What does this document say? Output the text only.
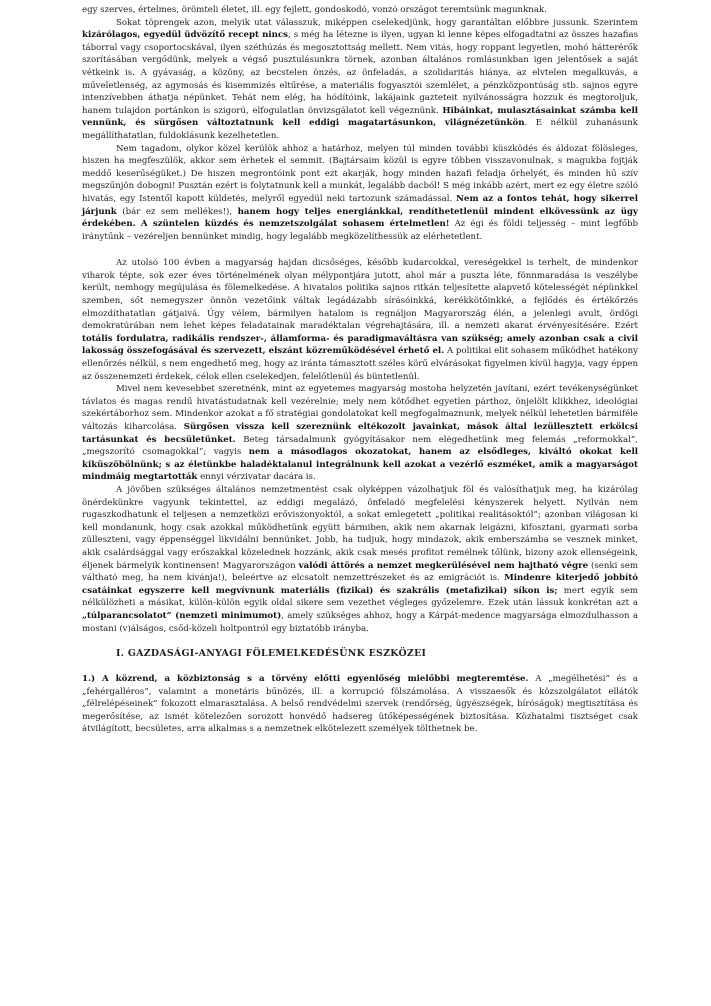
egy szerves, értelmes, örömteli életet, ill. egy fejlett, gondoskodó, vonzó országot teremtsünk magunknak.

Sokat töprengek azon, melyik utat válasszuk, miképpen cselekedjünk, hogy garantáltan előbbre jussunk. Szerintem kizárólagos, egyedül üdvözítő recept nincs, s még ha létezne is ilyen, ugyan ki lenne képes elfogadtatni az összes hazafias táborral vagy csoportocskával, ilyen széthúzás és megosztottság mellett. Nem vitás, hogy roppant legyetlen, mohó hátterérők szorításában vergődünk, melyek a végső pusztulásunkra törnek, azonban általános romlásunkban igen jelentősek a saját vétkeink is. A gyávaság, a közöny, az becstelen önzés, az önfeladás, a szolidaritás hiánya, az elvtelen megalkuvás, a műveletlenség, az agymosás és kisemmizés eltűrése, a materiális fogyasztói szemlélet, a pénzközpontúság stb. sajnos egyre intenzívebben áthatja népünket. Tehát nem elég, ha hódítóink, lakájaink gazteteit nyilvánosságra hozzuk és megtoroljuk, hanem tulajdon portánkon is szigorú, elfogulatlan önvizsgálatot kell végeznünk. Hibáinkat, mulasztásainkat számba kell vennünk, és sürgősen változtatnunk kell eddigi magatartásunkon, világnézetünkön. E nélkül zuhanásunk megállíthatatlan, fuldoklásunk kezelhetetlen.

Nem tagadom, olykor közel kerülök ahhoz a határhoz, melyen túl minden további küszködés és áldozat fölösleges, hiszen ha megfeszülök, akkor sem érhetek el semmit. (Bajtársaim közül is egyre többen visszavonulnak, s magukba fojtják meddő keserűségüket.) De hiszen megrontóink pont ezt akarják, hogy minden hazafi feladja örhelyét, és minden hű szív megszűnjön dobogni! Pusztán ezért is folytatnunk kell a munkát, legalább dacból! S még inkább azért, mert ez egy életre szóló hivatás, egy Istentől kapott küldetés, melyről egyedül neki tartozunk számadással. Nem az a fontos tehát, hogy sikerrel járjunk (bár ez sem mellékes!), hanem hogy teljes energiánkkal, rendíthetetlenül mindent elkövessünk az ügy érdekében. A szüntelen küzdés és nemzetszolgálat sohasem értelmetlen! Az égi és földi teljesség – mint legfőbb iránytűnk – vezéreljen bennünket mindig, hogy legalább megközelíthessük az elérhetetlent.

Az utolsó 100 évben a magyarság hajdan dicsőséges, később kudarcokkal, vereségekkel is terhelt, de mindenkor viharok tépte, sok ezer éves történelmének olyan mélypontjára jutott, ahol már a puszta léte, fönnmaradása is veszélybe került, nemhogy megújulása és fölemelkedése. A hivatalos politika sajnos ritkán teljesítette alapvető kötelességét népünkkel szemben, sőt nemegyszer önnön vezetőink váltak legádázabb sírásóinkká, kerékkötőinkké, a fejlődés és értékőrzés elmozdíthatatlan gátjaivá. Úgy vélem, bármilyen hatalom is regnáljon Magyarország élén, a jelenlegi avult, ördögi demokratúrában nem lehet képes feladatainak maradéktalan végrehajtására, ill. a nemzeti akarat érvényesítésére. Ezért totális fordulatra, radikális rendszer-, államforma- és paradigmaváltásra van szükség; amely azonban csak a civil lakosság összefogásával és szervezett, elszánt közreműködésével érhető el. A politikai elit sohasem működhet hatékony ellenőrzés nélkül, s nem engedhető meg, hogy az iránta támasztott széles körű elvárásokat figyelmen kívül hagyja, vagy éppen az összenemzeti érdekek, célok ellen cselekedjen, felelőtlenül és büntetlenül.

Mivel nem kevesebbet szeretnénk, mint az egyetemes magyarság mostoha helyzetén javítani, ezért tevékenységünket távlatos és magas rendű hivatástudatnak kell vezérelnie; mely nem kötődhet egyetlen párthoz, önjelölt klikkhez, ideológiai szekértáborhoz sem. Mindenkor azokat a fő stratégiai gondolatokat kell megfogalmaznunk, melyek nélkül lehetetlen bármiféle változás kiharcolása. Sürgősen vissza kell szereznünk eltékozolt javainkat, mások által lezüllesztett erkölcsi tartásunkat és becsületünket. Beteg társadalmunk gyógyításakor nem elégedhetünk meg felemás „reformokkal”, „megszorító csomagokkal”; vagyis nem a másodlagos okozatokat, hanem az elsődleges, kiváltó okokat kell kiküszöbölnünk; s az életünkbe haladéktalanul integrálnunk kell azokat a vezérlő eszméket, amik a magyarságot mindmáig megtartották ennyi vérzivatar dacára is.

A jövőben szükséges általános nemzetmentést csak olyképpen vázolhatjuk föl és valósíthatjuk meg, ha kizárólag önérdekünkre vagyunk tekintettel, az eddigi megalázó, önfeladó megfelelési kényszerek helyett. Nyilván nem rugaszkodhatunk el teljesen a nemzetközi erőviszonyoktól, a sokat emlegetett „politikai realitásoktól”; azonban világosan ki kell mondanunk, hogy csak azokkal működhetünk együtt bármiben, akik nem akarnak leigázni, kifosztani, gyarmati sorba zülleszteni, vagy éppenséggel likvidálni bennünket. Jobb, ha tudjuk, hogy mindazok, akik emberszámba se vesznek minket, akik csalárdsággal vagy erőszakkal közelednek hozzánk, akik csak mesés profitot remélnek tőlünk, bizony azok ellenségeink, éljenek bármelyik kontinensen! Magyarországon valódi áttörés a nemzet megkerülésével nem hajtható végre (senki sem váltható meg, ha nem kívánja!), beleértve az elcsatolt nemzettrészeket és az emigrációt is. Mindenre kiterjedő jobbító csatáinkat egyszerre kell megvívnunk materiális (fizikai) és szakrális (metafizikai) síkon is; mert egyik sem nélkülözheti a másikat, külön-külön egyik oldal sikere sem vezethet végleges győzelemre. Ezek után lássuk konkrétan azt a „túlparancsolatot” (nemzeti minimumot), amely szükséges ahhoz, hogy a Kárpát-medence magyarsága elmozdulhasson a mostani (v)álságos, csőd-közeli holtpontról egy biztatóbb irányba.

I. GAZDASÁGI-ANYAGI FÖLEMELKEDÉSÜNK ESZKÖZEI

1.) A közrend, a közbiztonság s a törvény előtti egyenlőség mielőbbi megteremtése. A „megélhetési” és a „fehérgalléros”, valamint a monetáris bűnözés, ill. a korrupció fölszámolása. A visszaesők és közszolgálatot ellátók „félrelépéseinek” fokozott elmarasztalása. A belső rendvédelmi szervek (rendőrség, ügyészségek, bíróságok) megtisztítása és megerősítése, az ismét kötelezően sorozott honvédő hadsereg ütőképességének biztosítása. Közhatalmi tisztséget csak átvilágított, becsületes, arra alkalmas s a nemzetnek elkötelezett személyek tölthetnek be.
